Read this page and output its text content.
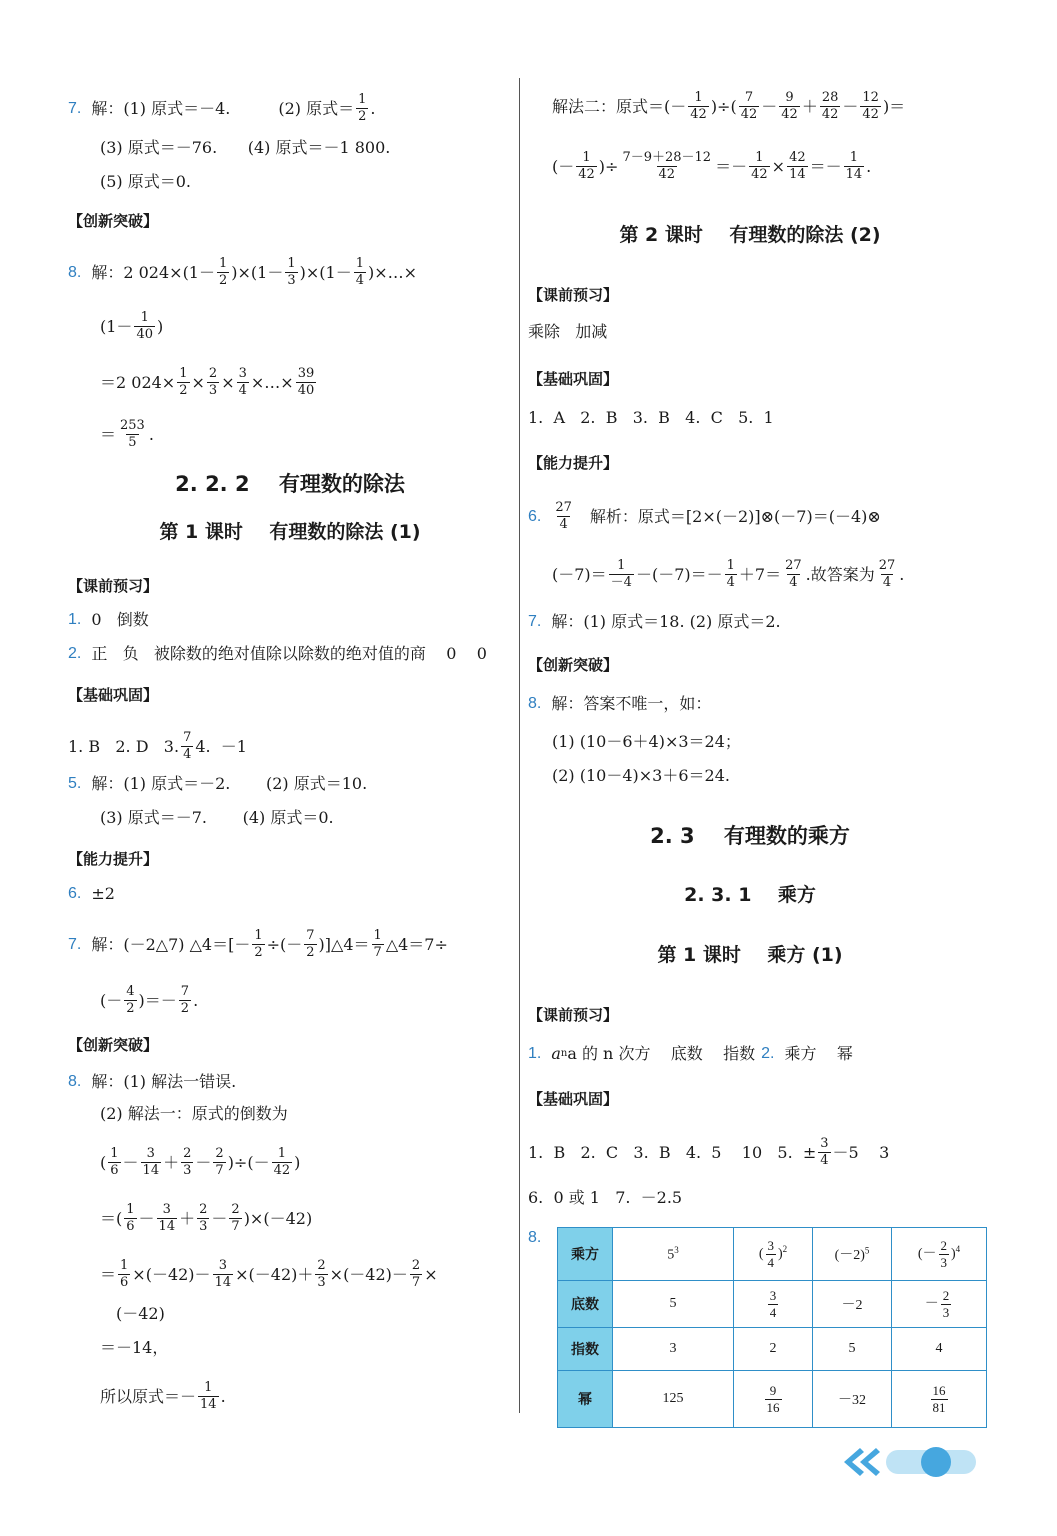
7. 解：(1) 原式＝－4.	(2) 原式＝ $\frac{1}{2}$ .
(3) 原式＝－76.      (4) 原式＝－1 800.
(5) 原式＝0.
【创新突破】
8. 解：2 $024\times (1- \frac{1}{2} )\times(1- \frac{1}{3} )\times(1- \frac{1}{4}$ )×…×
($1- \frac{1}{40}$ )
＝2 $024\times \frac{1}{2} \times \frac{2}{3} \times \frac{3}{4}$ ×…× $\frac{39}{40}$
＝ $\frac{253}{5}$ .
2. 2. 2    有理数的除法
第 1 课时    有理数的除法 (1)
【课前预习】
1. 0   倒数
2. 正   负   被除数的绝对值除以除数的绝对值的商    0    0
【基础巩固】
1. B   2. D   3. $\frac{7}{4} 4$.  －1
5. 解：(1) 原式＝－2.       (2) 原式＝10.
(3) 原式＝－7.       (4) 原式＝0.
【能力提升】
6. ±2
7. 解：(－2△7) △4＝ [－ $\frac{1}{2}$ ÷(－ $\frac{7}{2}$ )]△4＝ $\frac{1}{7}$ △4＝7÷
(－ $\frac{4}{2}$ )＝－ $\frac{7}{2}$ .
【创新突破】
8. 解：(1) 解法一错误.
(2) 解法一：原式的倒数为
( $\frac{1}{6} - \frac{3}{14} + \frac{2}{3} - \frac{2}{7}$ )÷(－ $\frac{1}{42}$ )
＝( $\frac{1}{6} - \frac{3}{14} + \frac{2}{3} - \frac{2}{7} )\times(-42)$
＝ $\frac{1}{6} \times(-42)- \frac{3}{14} \times(-42)+ \frac{2}{3} \times(-42)- \frac{2}{7}$ ×
(－42)
＝－14，
所以原式＝－ $\frac{1}{14}$ .
解法二：原式＝ (－ $\frac{1}{42}$ )÷( $\frac{7}{42} - \frac{9}{42} + \frac{28}{42} - \frac{12}{42}$ )＝
(－ $\frac{1}{42}$ )÷ $\frac{7-9+28-12}{42} =- \frac{1}{42} \times \frac{42}{14} =- \frac{1}{14}$ .
第 2 课时    有理数的除法 (2)
【课前预习】
乘除   加减
【基础巩固】
1.  A   2.  B   3.  B   4.  C   5.  1
【能力提升】
6. $\frac{27}{4}$ 解析：原式＝[2×(－2)]⊗(－7)＝(－4)⊗
$(-7)= \frac{1}{-4} -(-7)=- \frac{1}{4} +7= \frac{27}{4}$ . 故答案为 $\frac{27}{4}$ .
7. 解：(1) 原式＝18. (2) 原式＝2.
【创新突破】
8. 解：答案不唯一，如：
(1) (10－6＋4)×3＝24；
(2) (10－4)×3＋6＝24.
2. 3    有理数的乘方
2. 3. 1    乘方
第 1 课时    乘方 (1)
【课前预习】
1. a n a 的 n 次方    底数    指数 2. 乘方    幂
【基础巩固】
1.  B   2.  C   3.  B   4.  5    10   5.  ± $\frac{3}{4} -5$    3
6.  0 或 1   7.  －2.5
8.
乘方	$5^3$	( $\frac{3}{4} )^2$	$(-2)^5$	(－ $\frac{2}{3} )^4$
底数	5	$\frac{3}{4}$	－2	－ $\frac{2}{3}$

指数	3	2	5	4
幂	125	$\frac{9}{16}$	－32	$\frac{16}{81}$
